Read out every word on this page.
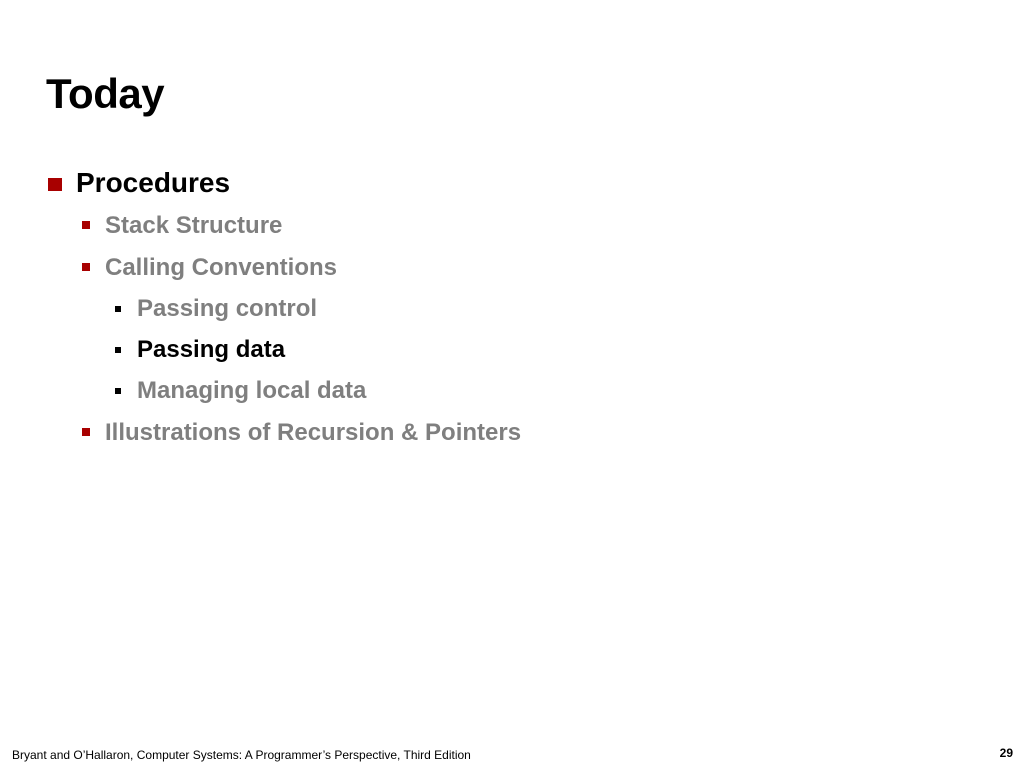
Today
Procedures
Stack Structure
Calling Conventions
Passing control
Passing data
Managing local data
Illustrations of Recursion & Pointers
Bryant and O’Hallaron, Computer Systems: A Programmer’s Perspective, Third Edition	29
